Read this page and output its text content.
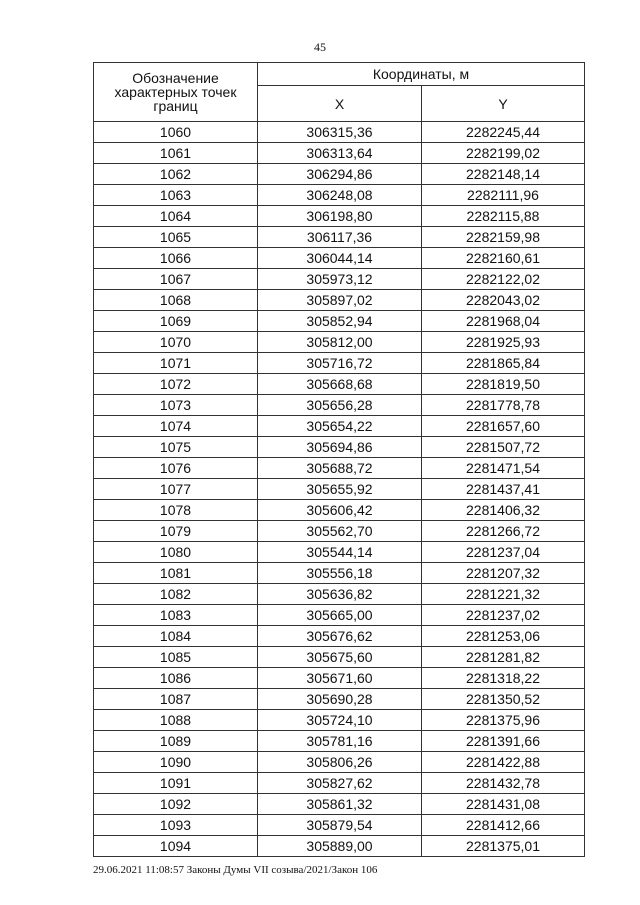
45
Обозначение характерных точек границ	Координаты, м	
	X	Y
1060	306315,36	2282245,44
1061	306313,64	2282199,02
1062	306294,86	2282148,14
1063	306248,08	2282111,96
1064	306198,80	2282115,88
1065	306117,36	2282159,98
1066	306044,14	2282160,61
1067	305973,12	2282122,02
1068	305897,02	2282043,02
1069	305852,94	2281968,04
1070	305812,00	2281925,93
1071	305716,72	2281865,84
1072	305668,68	2281819,50
1073	305656,28	2281778,78
1074	305654,22	2281657,60
1075	305694,86	2281507,72
1076	305688,72	2281471,54
1077	305655,92	2281437,41
1078	305606,42	2281406,32
1079	305562,70	2281266,72
1080	305544,14	2281237,04
1081	305556,18	2281207,32
1082	305636,82	2281221,32
1083	305665,00	2281237,02
1084	305676,62	2281253,06
1085	305675,60	2281281,82
1086	305671,60	2281318,22
1087	305690,28	2281350,52
1088	305724,10	2281375,96
1089	305781,16	2281391,66
1090	305806,26	2281422,88
1091	305827,62	2281432,78
1092	305861,32	2281431,08
1093	305879,54	2281412,66
1094	305889,00	2281375,01
29.06.2021 11:08:57 Законы Думы VII созыва/2021/Закон 106
